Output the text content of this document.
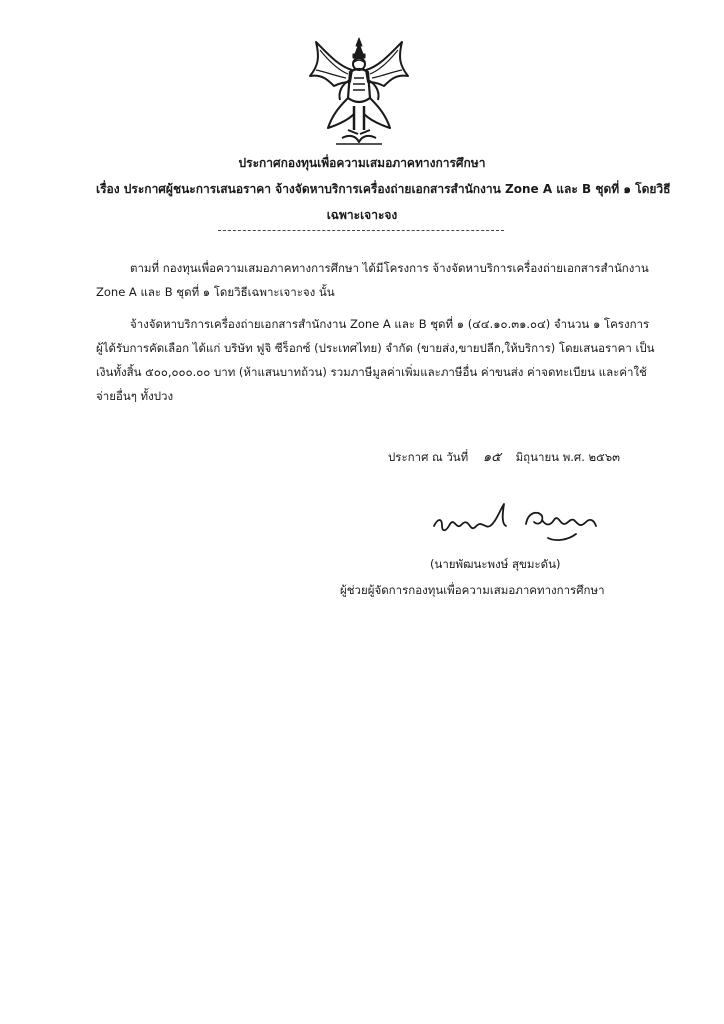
ประกาศกองทุนเพื่อความเสมอภาคทางการศึกษา
เรื่อง ประกาศผู้ชนะการเสนอราคา จ้างจัดหาบริการเครื่องถ่ายเอกสารสำนักงาน Zone A และ B ชุดที่ ๑ โดยวิธี
เฉพาะเจาะจง
ตามที่ กองทุนเพื่อความเสมอภาคทางการศึกษา ได้มีโครงการ จ้างจัดหาบริการเครื่องถ่ายเอกสารสำนักงาน
Zone A และ B ชุดที่ ๑ โดยวิธีเฉพาะเจาะจง นั้น
จ้างจัดหาบริการเครื่องถ่ายเอกสารสำนักงาน Zone A และ B ชุดที่ ๑ (๔๔.๑๐.๓๑.๐๔) จำนวน ๑ โครงการ
ผู้ได้รับการคัดเลือก ได้แก่ บริษัท ฟูจิ ซีร็อกซ์ (ประเทศไทย) จำกัด (ขายส่ง,ขายปลีก,ให้บริการ) โดยเสนอราคา เป็น
เงินทั้งสิ้น ๕๐๐,๐๐๐.๐๐ บาท (ห้าแสนบาทถ้วน) รวมภาษีมูลค่าเพิ่มและภาษีอื่น ค่าขนส่ง ค่าจดทะเบียน และค่าใช้
จ่ายอื่นๆ ทั้งปวง
ประกาศ ณ วันที่ ๑๕ มิถุนายน พ.ศ. ๒๕๖๓
(นายพัฒนะพงษ์ สุขมะดัน)
ผู้ช่วยผู้จัดการกองทุนเพื่อความเสมอภาคทางการศึกษา
